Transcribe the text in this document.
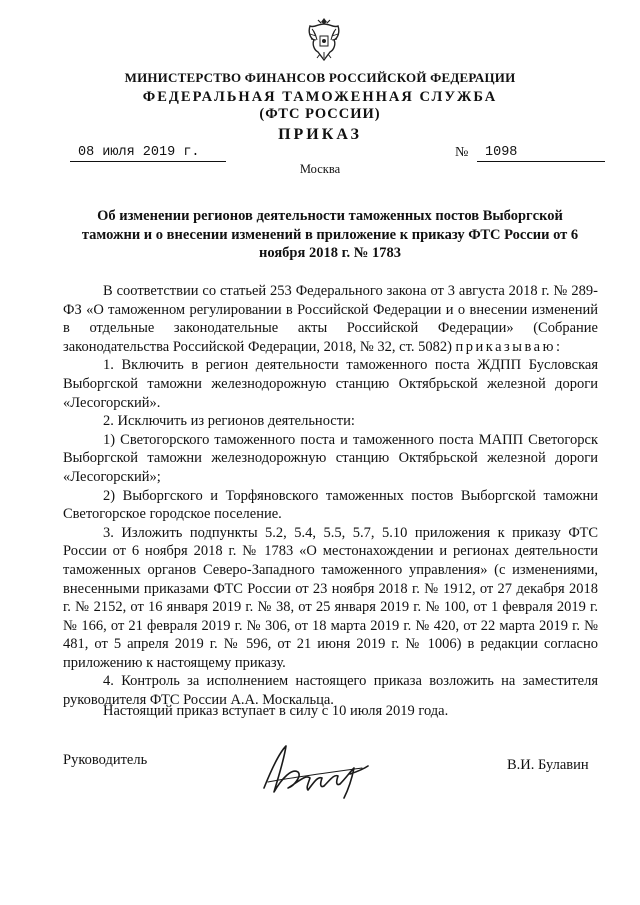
МИНИСТЕРСТВО ФИНАНСОВ РОССИЙСКОЙ ФЕДЕРАЦИИ
ФЕДЕРАЛЬНАЯ ТАМОЖЕННАЯ СЛУЖБА
(ФТС РОССИИ)
ПРИКАЗ
08 июля 2019 г.	№	1098
Москва
Об изменении регионов деятельности таможенных постов Выборгской таможни и о внесении изменений в приложение к приказу ФТС России от 6 ноября 2018 г. № 1783

В соответствии со статьей 253 Федерального закона от 3 августа 2018 г. № 289-ФЗ «О таможенном регулировании в Российской Федерации и о внесении изменений в отдельные законодательные акты Российской Федерации» (Собрание законодательства Российской Федерации, 2018, № 32, ст. 5082) приказываю:

1. Включить в регион деятельности таможенного поста ЖДПП Бусловская Выборгской таможни железнодорожную станцию Октябрьской железной дороги «Лесогорский».

2. Исключить из регионов деятельности:

1) Светогорского таможенного поста и таможенного поста МАПП Светогорск Выборгской таможни железнодорожную станцию Октябрьской железной дороги «Лесогорский»;

2) Выборгского и Торфяновского таможенных постов Выборгской таможни Светогорское городское поселение.

3. Изложить подпункты 5.2, 5.4, 5.5, 5.7, 5.10 приложения к приказу ФТС России от 6 ноября 2018 г. № 1783 «О местонахождении и регионах деятельности таможенных органов Северо-Западного таможенного управления» (с изменениями, внесенными приказами ФТС России от 23 ноября 2018 г. № 1912, от 27 декабря 2018 г. № 2152, от 16 января 2019 г. № 38, от 25 января 2019 г. № 100, от 1 февраля 2019 г. № 166, от 21 февраля 2019 г. № 306, от 18 марта 2019 г. № 420, от 22 марта 2019 г. № 481, от 5 апреля 2019 г. № 596, от 21 июня 2019 г. № 1006) в редакции согласно приложению к настоящему приказу.

4. Контроль за исполнением настоящего приказа возложить на заместителя руководителя ФТС России А.А. Москальца.

Настоящий приказ вступает в силу с 10 июля 2019 года.
Руководитель	В.И. Булавин
